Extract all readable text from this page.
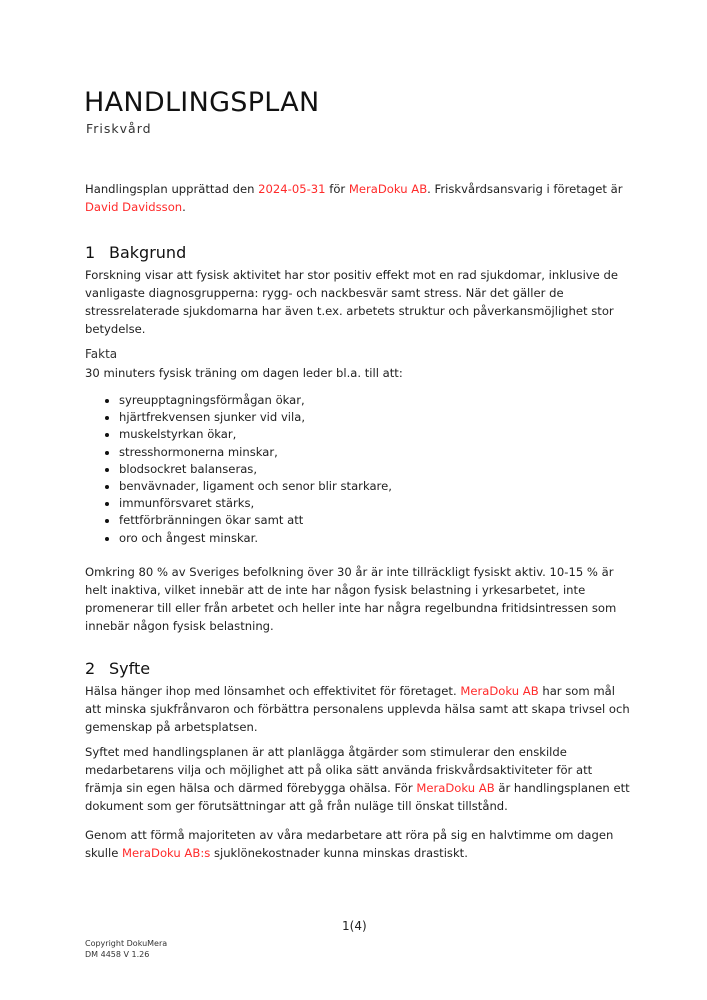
HANDLINGSPLAN
Friskvård

Handlingsplan upprättad den 2024-05-31 för MeraDoku AB. Friskvårdsansvarig i företaget är
David Davidsson.

1 Bakgrund

Forskning visar att fysisk aktivitet har stor positiv effekt mot en rad sjukdomar, inklusive de vanligaste diagnosgrupperna: rygg- och nackbesvär samt stress. När det gäller de stressrelaterade sjukdomarna har även t.ex. arbetets struktur och påverkansmöjlighet stor betydelse.

Fakta

30 minuters fysisk träning om dagen leder bl.a. till att:

syreupptagningsförmågan ökar,
hjärtfrekvensen sjunker vid vila,
muskelstyrkan ökar,
stresshormonerna minskar,
blodsockret balanseras,
benvävnader, ligament och senor blir starkare,
immunförsvaret stärks,
fettförbränningen ökar samt att
oro och ångest minskar.

Omkring 80 % av Sveriges befolkning över 30 år är inte tillräckligt fysiskt aktiv. 10-15 % är helt inaktiva, vilket innebär att de inte har någon fysisk belastning i yrkesarbetet, inte promenerar till eller från arbetet och heller inte har några regelbundna fritidsintressen som innebär någon fysisk belastning.

2 Syfte

Hälsa hänger ihop med lönsamhet och effektivitet för företaget. MeraDoku AB har som mål att minska sjukfrånvaron och förbättra personalens upplevda hälsa samt att skapa trivsel och gemenskap på arbetsplatsen.

Syftet med handlingsplanen är att planlägga åtgärder som stimulerar den enskilde medarbetarens vilja och möjlighet att på olika sätt använda friskvårdsaktiviteter för att främja sin egen hälsa och därmed förebygga ohälsa. För MeraDoku AB är handlingsplanen ett dokument som ger förutsättningar att gå från nuläge till önskat tillstånd.

Genom att förmå majoriteten av våra medarbetare att röra på sig en halvtimme om dagen skulle MeraDoku AB:s sjuklönekostnader kunna minskas drastiskt.

1(4)
Copyright DokuMera
DM 4458 V 1.26
